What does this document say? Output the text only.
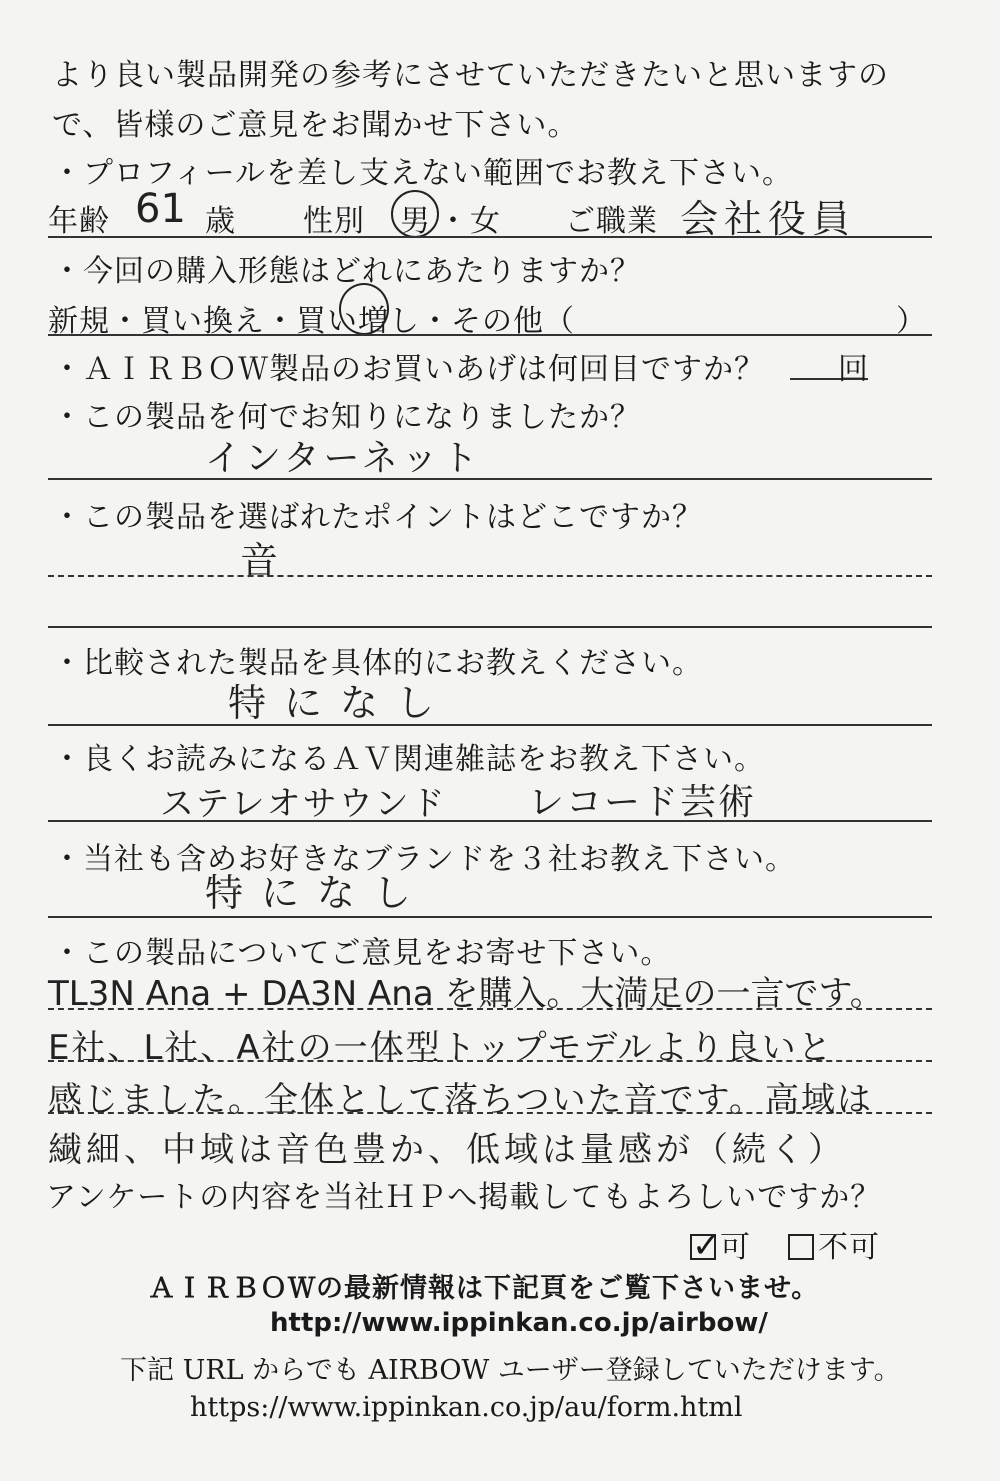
より良い製品開発の参考にさせていただきたいと思いますの
で、皆様のご意見をお聞かせ下さい。
・プロフィールを差し支えない範囲でお教え下さい。
年齢 61 歳 性別 男 ・ 女 ご職業 会社役員
・今回の購入形態はどれにあたりますか？
新規・買い換え・買い増し・その他（	）
・ＡＩＲＢＯＷ製品のお買いあげは何回目ですか？ 回
・この製品を何でお知りになりましたか？
インターネット
・この製品を選ばれたポイントはどこですか？
音
・比較された製品を具体的にお教えください。
特になし
・良くお読みになるＡＶ関連雑誌をお教え下さい。
ステレオサウンド レコード芸術
・当社も含めお好きなブランドを３社お教え下さい。
特になし
・この製品についてご意見をお寄せ下さい。
TL3N Ana + DA3N Ana を購入。大満足の一言です。
E社、L社、A社の一体型トップモデルより良いと
感じました。全体として落ちついた音です。高域は
繊細、中域は音色豊か、低域は量感が（続く）
アンケートの内容を当社ＨＰへ掲載してもよろしいですか？
✓
可	不可
ＡＩＲＢＯＷの最新情報は下記頁をご覧下さいませ。
http://www.ippinkan.co.jp/airbow/
下記 URL からでも AIRBOW ユーザー登録していただけます。
https://www.ippinkan.co.jp/au/form.html
